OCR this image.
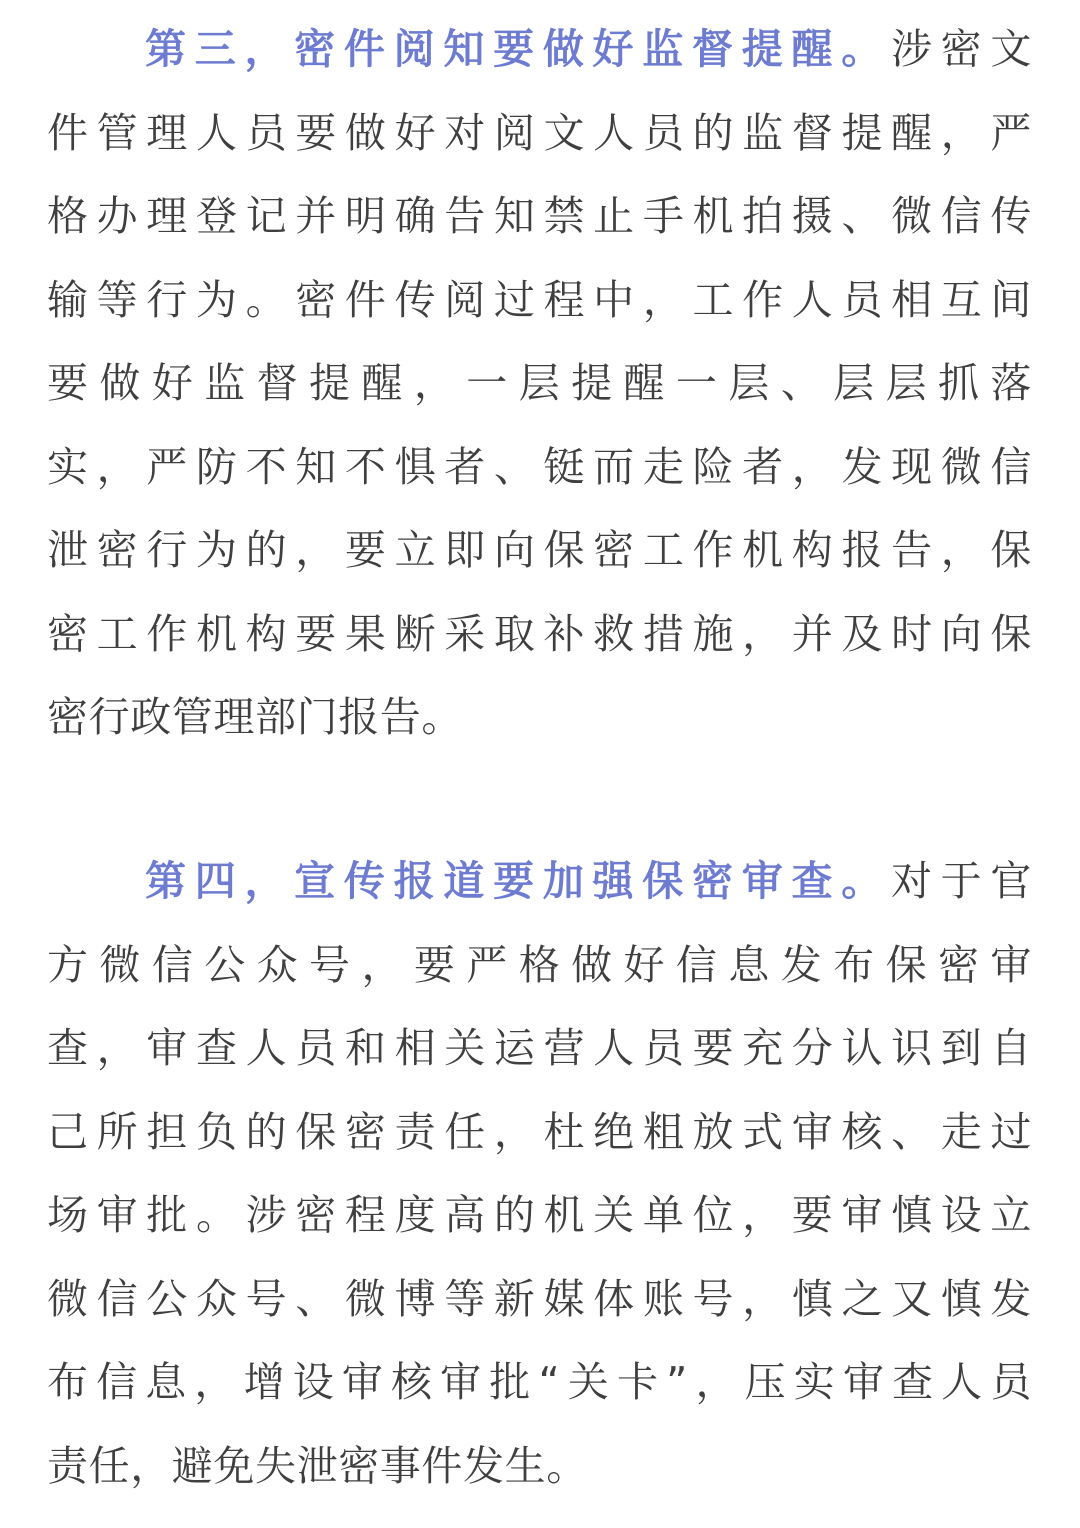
第三，密件阅知要做好监督提醒。涉密文
件管理人员要做好对阅文人员的监督提醒，严
格办理登记并明确告知禁止手机拍摄、微信传
输等行为。密件传阅过程中，工作人员相互间
要做好监督提醒，一层提醒一层、层层抓落
实，严防不知不惧者、铤而走险者，发现微信
泄密行为的，要立即向保密工作机构报告，保
密工作机构要果断采取补救措施，并及时向保
密行政管理部门报告。
第四，宣传报道要加强保密审查。对于官
方微信公众号，要严格做好信息发布保密审
查，审查人员和相关运营人员要充分认识到自
己所担负的保密责任，杜绝粗放式审核、走过
场审批。涉密程度高的机关单位，要审慎设立
微信公众号、微博等新媒体账号，慎之又慎发
布信息，增设审核审批“关卡”，压实审查人员
责任，避免失泄密事件发生。
